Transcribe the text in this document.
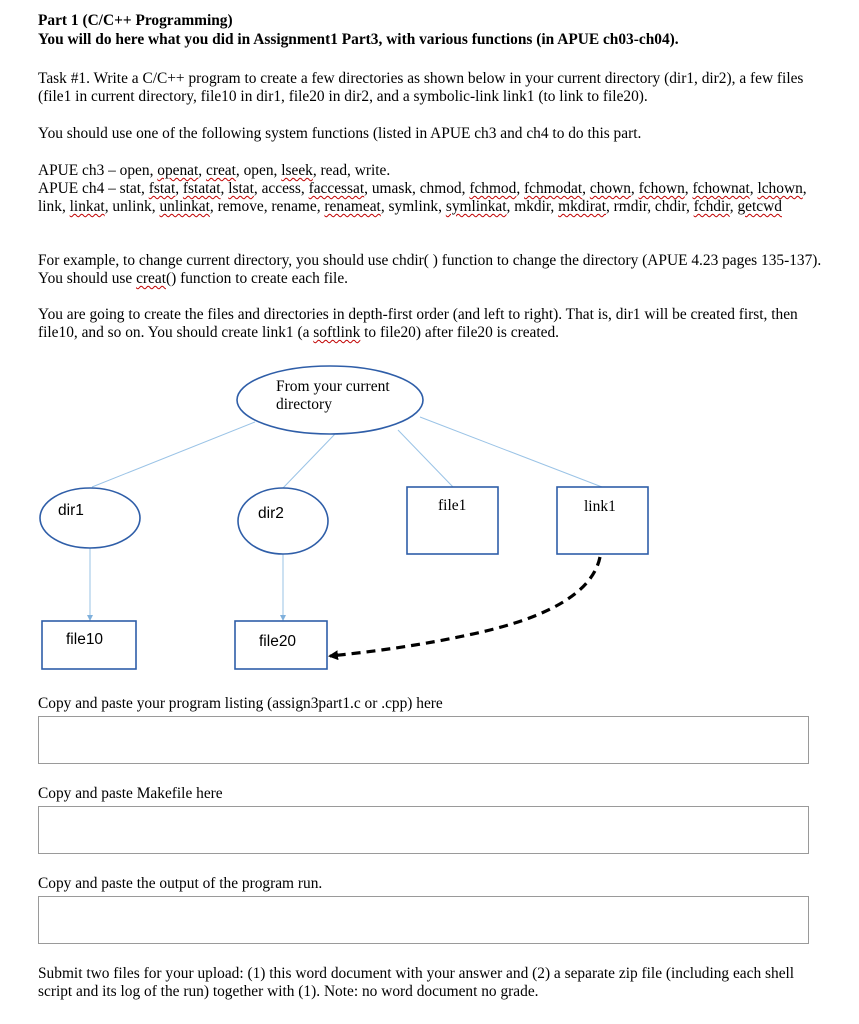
Part 1 (C/C++ Programming)

You will do here what you did in Assignment1 Part3, with various functions (in APUE ch03-ch04).

Task #1. Write a C/C++ program to create a few directories as shown below in your current directory (dir1, dir2), a few files (file1 in current directory, file10 in dir1, file20 in dir2, and a symbolic-link link1 (to link to file20).

You should use one of the following system functions (listed in APUE ch3 and ch4 to do this part.

APUE ch3 – open, openat, creat, open, lseek, read, write.

APUE ch4 – stat, fstat, fstatat, lstat, access, faccessat, umask, chmod, fchmod, fchmodat, chown, fchown, fchownat, lchown, link, linkat, unlink, unlinkat, remove, rename, renameat, symlink, symlinkat, mkdir, mkdirat, rmdir, chdir, fchdir, getcwd

For example, to change current directory, you should use chdir( ) function to change the directory (APUE 4.23 pages 135-137). You should use creat() function to create each file.

You are going to create the files and directories in depth-first order (and left to right). That is, dir1 will be created first, then file10, and so on. You should create link1 (a softlink to file20) after file20 is created.

From your current
directory
dir1	dir2	file1	link1
file10	file20

Copy and paste your program listing (assign3part1.c or .cpp) here

Copy and paste Makefile here

Copy and paste the output of the program run.

Submit two files for your upload: (1) this word document with your answer and (2) a separate zip file (including each shell script and its log of the run) together with (1). Note: no word document no grade.
